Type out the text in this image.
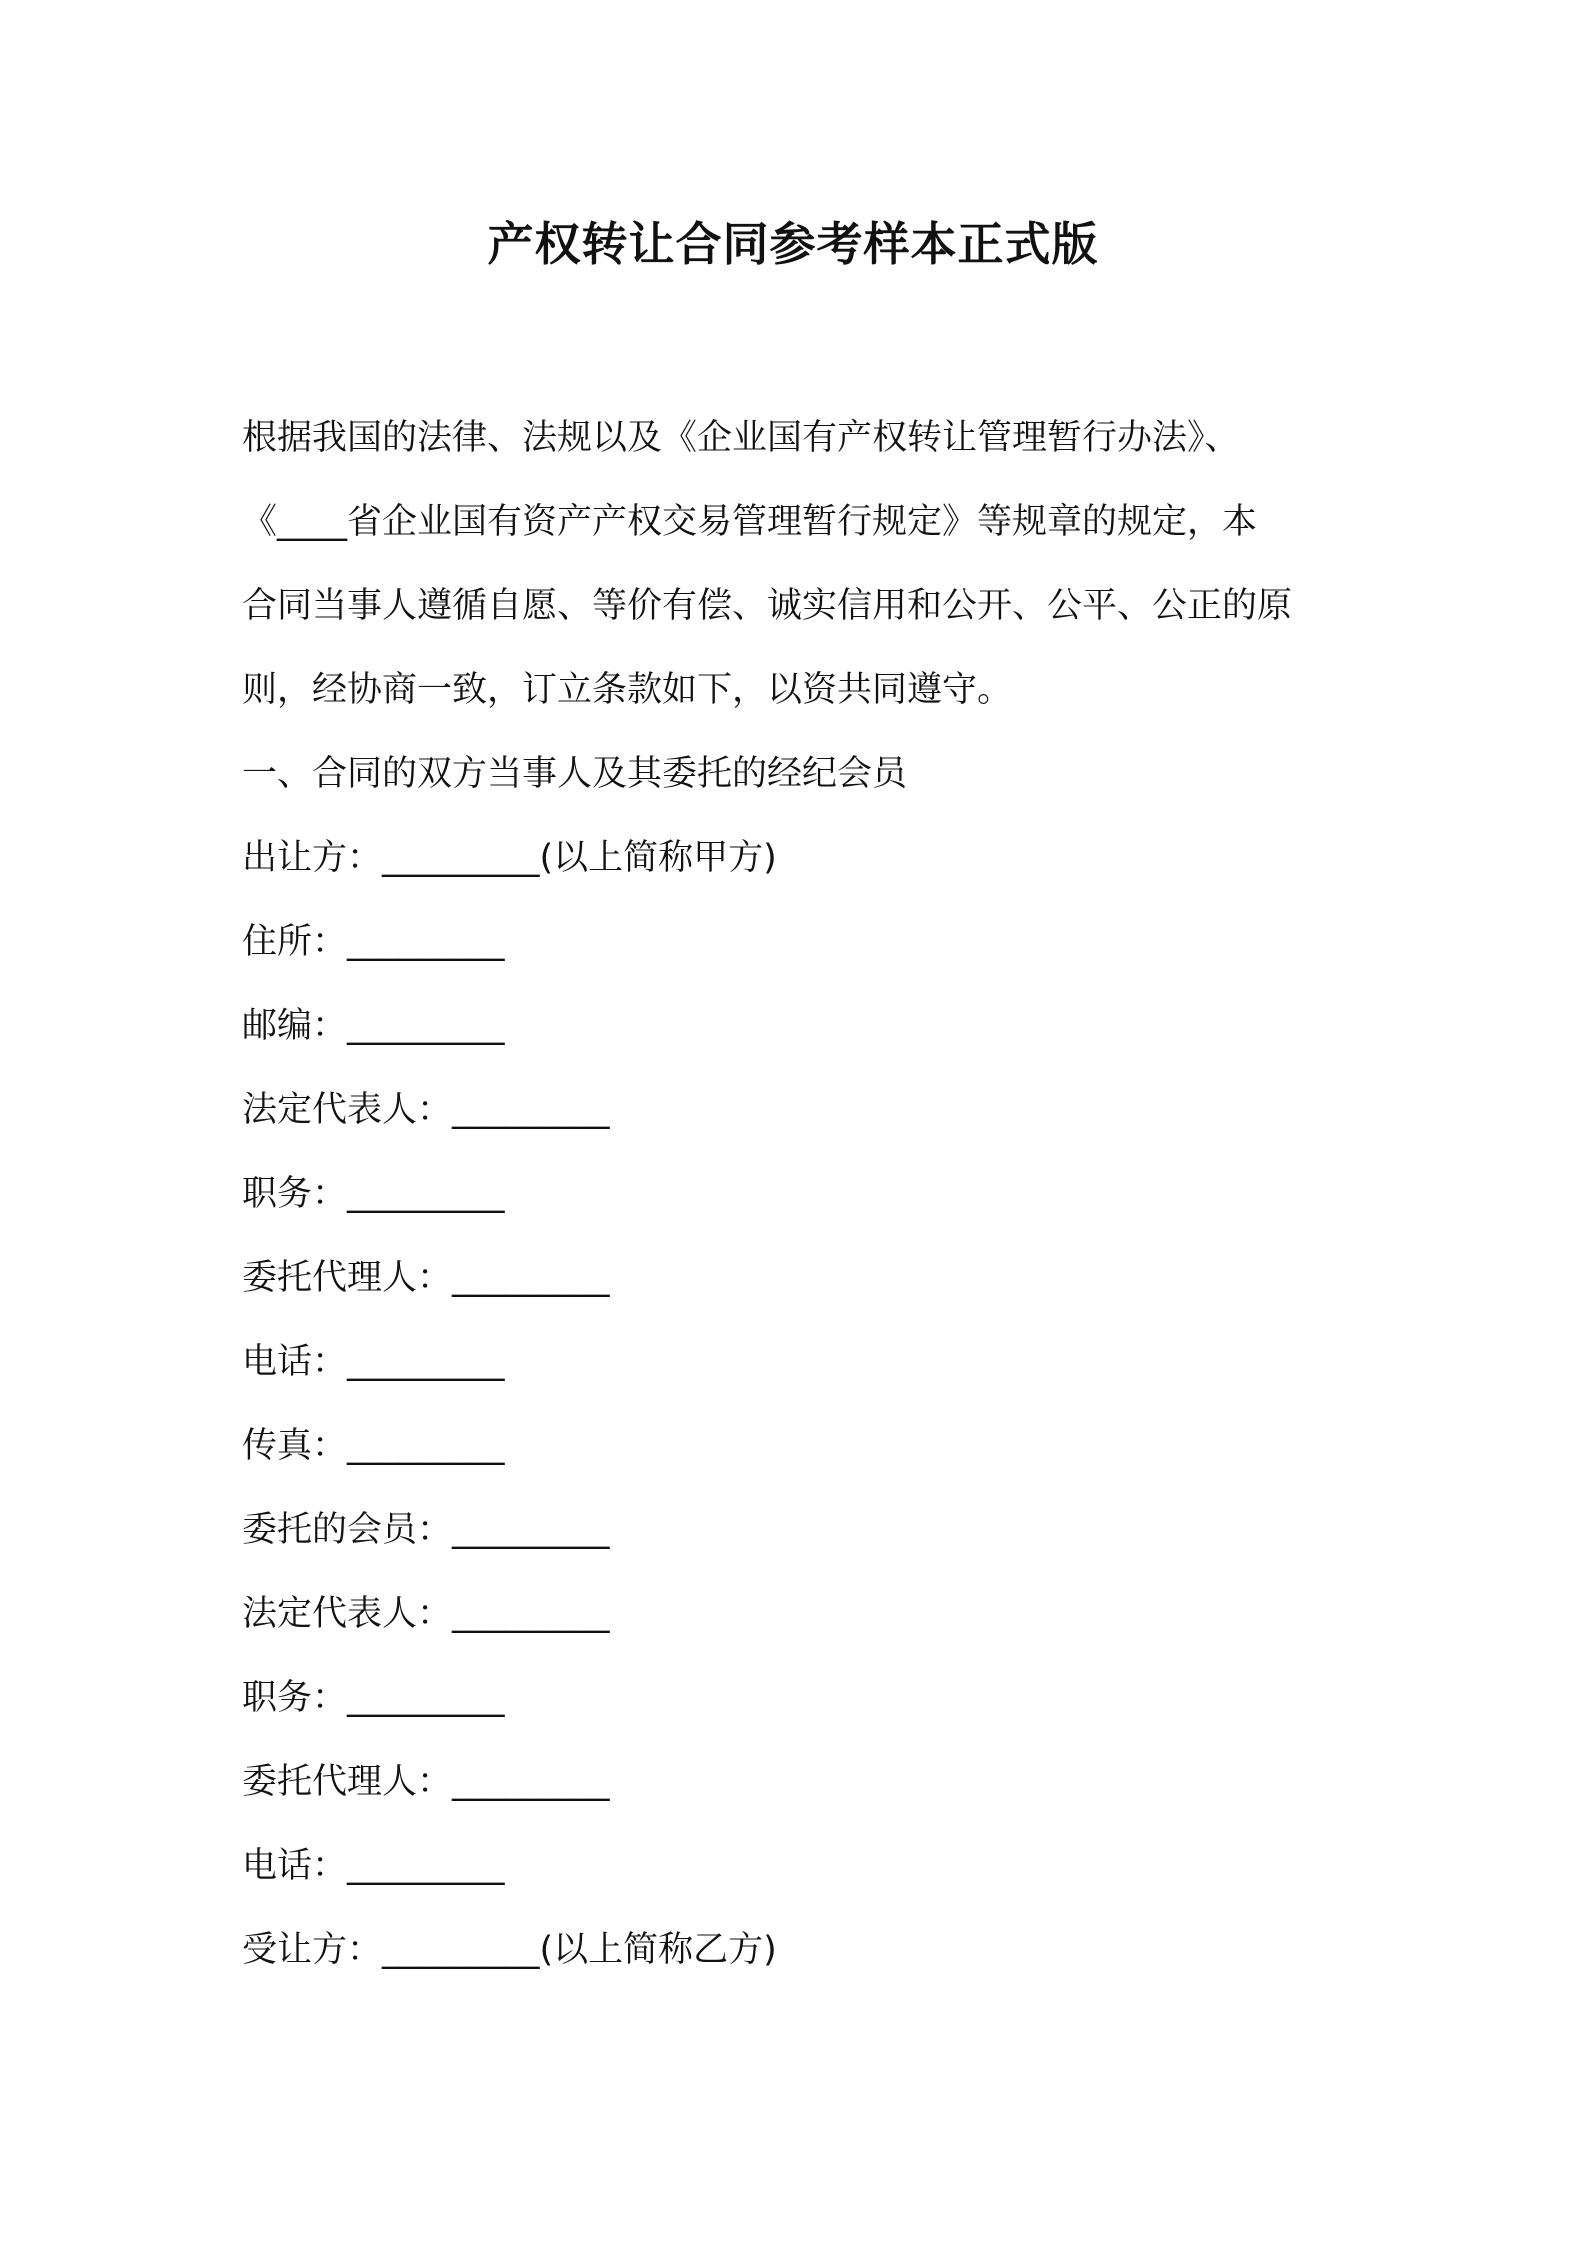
产权转让合同参考样本正式版
根据我国的法律、法规以及《企业国有产权转让管理暂行办法》、
《____省企业国有资产产权交易管理暂行规定》等规章的规定，本
合同当事人遵循自愿、等价有偿、诚实信用和公开、公平、公正的原
则，经协商一致，订立条款如下，以资共同遵守。
一、合同的双方当事人及其委托的经纪会员
出让方：_________(以上简称甲方)
住所：_________
邮编：_________
法定代表人：_________
职务：_________
委托代理人：_________
电话：_________
传真：_________
委托的会员：_________
法定代表人：_________
职务：_________
委托代理人：_________
电话：_________
受让方：_________(以上简称乙方)
